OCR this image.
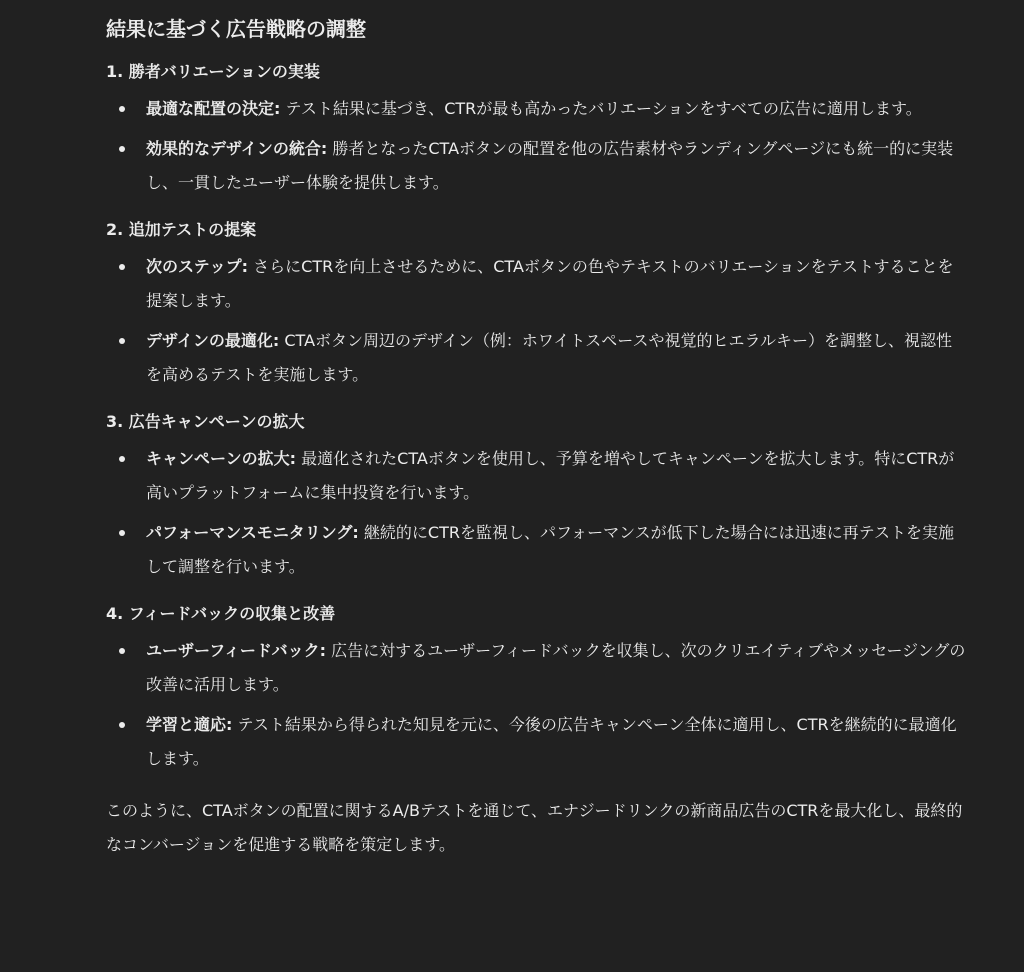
結果に基づく広告戦略の調整
1. 勝者バリエーションの実装
最適な配置の決定: テスト結果に基づき、CTRが最も高かったバリエーションをすべての広告に適用します。
効果的なデザインの統合: 勝者となったCTAボタンの配置を他の広告素材やランディングページにも統一的に実装し、一貫したユーザー体験を提供します。
2. 追加テストの提案
次のステップ: さらにCTRを向上させるために、CTAボタンの色やテキストのバリエーションをテストすることを提案します。
デザインの最適化: CTAボタン周辺のデザイン（例：ホワイトスペースや視覚的ヒエラルキー）を調整し、視認性を高めるテストを実施します。
3. 広告キャンペーンの拡大
キャンペーンの拡大: 最適化されたCTAボタンを使用し、予算を増やしてキャンペーンを拡大します。特にCTRが高いプラットフォームに集中投資を行います。
パフォーマンスモニタリング: 継続的にCTRを監視し、パフォーマンスが低下した場合には迅速に再テストを実施して調整を行います。
4. フィードバックの収集と改善
ユーザーフィードバック: 広告に対するユーザーフィードバックを収集し、次のクリエイティブやメッセージングの改善に活用します。
学習と適応: テスト結果から得られた知見を元に、今後の広告キャンペーン全体に適用し、CTRを継続的に最適化します。

このように、CTAボタンの配置に関するA/Bテストを通じて、エナジードリンクの新商品広告のCTRを最大化し、最終的なコンバージョンを促進する戦略を策定します。
